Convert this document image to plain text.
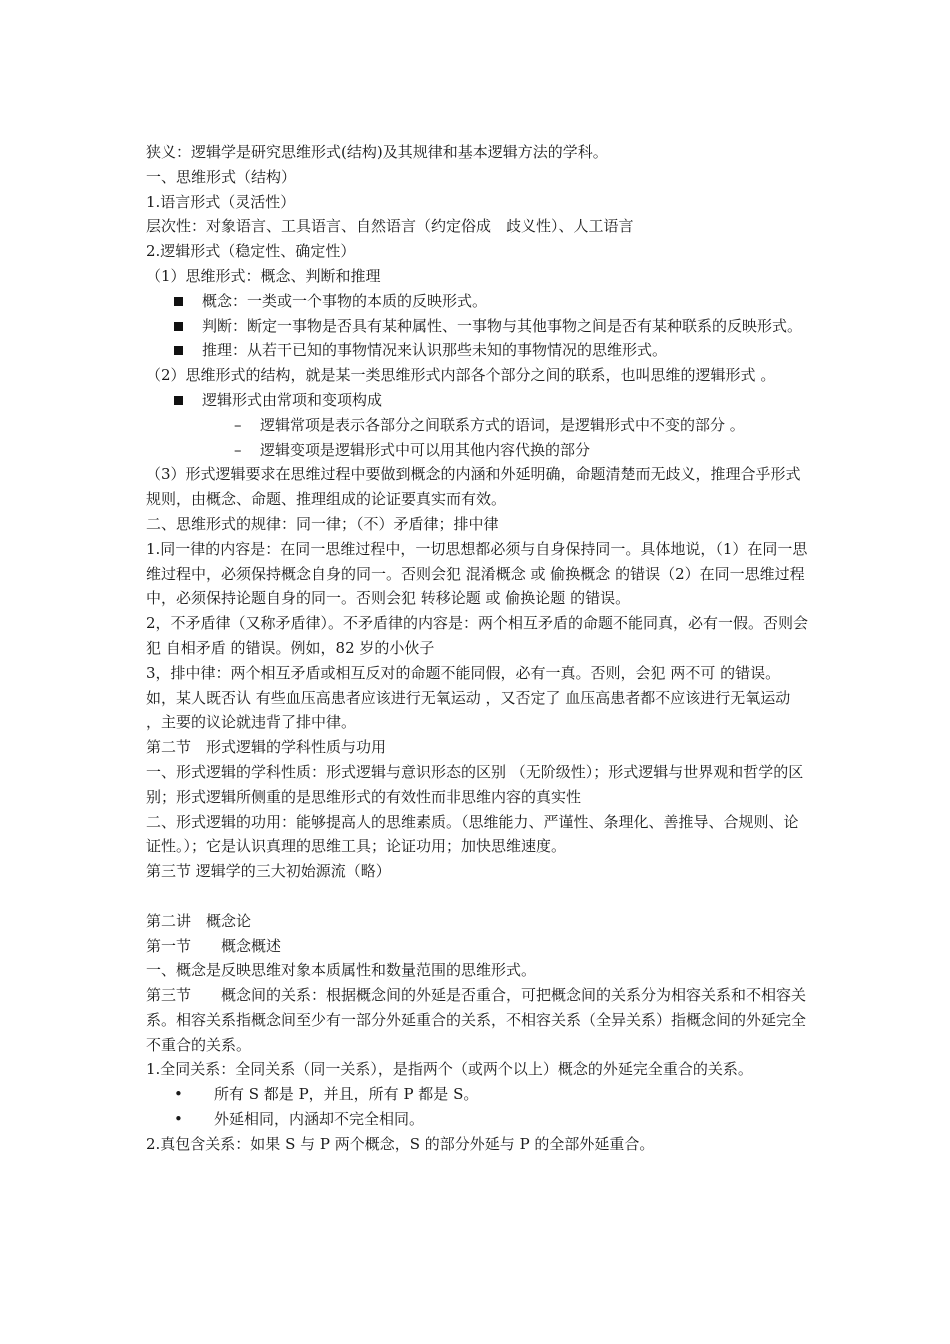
狭义：逻辑学是研究思维形式(结构)及其规律和基本逻辑方法的学科。
一、思维形式（结构）
1.语言形式（灵活性）
层次性：对象语言、工具语言、自然语言（约定俗成　歧义性）、人工语言
2.逻辑形式（稳定性、确定性）
（1）思维形式：概念、判断和推理
概念：一类或一个事物的本质的反映形式。
判断：断定一事物是否具有某种属性、一事物与其他事物之间是否有某种联系的反映形式。
推理：从若干已知的事物情况来认识那些未知的事物情况的思维形式。
（2）思维形式的结构，就是某一类思维形式内部各个部分之间的联系，也叫思维的逻辑形式 。
逻辑形式由常项和变项构成
–	逻辑常项是表示各部分之间联系方式的语词，是逻辑形式中不变的部分 。
–	逻辑变项是逻辑形式中可以用其他内容代换的部分
（3）形式逻辑要求在思维过程中要做到概念的内涵和外延明确，命题清楚而无歧义，推理合乎形式规则，由概念、命题、推理组成的论证要真实而有效。
二、思维形式的规律：同一律；（不）矛盾律；排中律
1.同一律的内容是：在同一思维过程中，一切思想都必须与自身保持同一。具体地说，（1）在同一思维过程中，必须保持概念自身的同一。否则会犯 混淆概念 或 偷换概念 的错误（2）在同一思维过程中，必须保持论题自身的同一。否则会犯 转移论题 或 偷换论题 的错误。
2，不矛盾律（又称矛盾律）。不矛盾律的内容是：两个相互矛盾的命题不能同真，必有一假。否则会犯 自相矛盾 的错误。例如，82 岁的小伙子
3，排中律：两个相互矛盾或相互反对的命题不能同假，必有一真。否则，会犯 两不可 的错误。如，某人既否认 有些血压高患者应该进行无氧运动 ，又否定了 血压高患者都不应该进行无氧运动 ，主要的议论就违背了排中律。
第二节　形式逻辑的学科性质与功用
一、形式逻辑的学科性质：形式逻辑与意识形态的区别 （无阶级性）；形式逻辑与世界观和哲学的区别；形式逻辑所侧重的是思维形式的有效性而非思维内容的真实性
二、形式逻辑的功用：能够提高人的思维素质。（思维能力、严谨性、条理化、善推导、合规则、论证性。）；它是认识真理的思维工具；论证功用；加快思维速度。
第三节 逻辑学的三大初始源流（略）
第二讲　概念论
第一节　　概念概述
一、概念是反映思维对象本质属性和数量范围的思维形式。
第三节　　概念间的关系：根据概念间的外延是否重合，可把概念间的关系分为相容关系和不相容关系。相容关系指概念间至少有一部分外延重合的关系，不相容关系（全异关系）指概念间的外延完全不重合的关系。
1.全同关系：全同关系（同一关系），是指两个（或两个以上）概念的外延完全重合的关系。
•	所有 S 都是 P，并且，所有 P 都是 S。
•	外延相同，内涵却不完全相同。
2.真包含关系：如果 S 与 P 两个概念，S 的部分外延与 P 的全部外延重合。
